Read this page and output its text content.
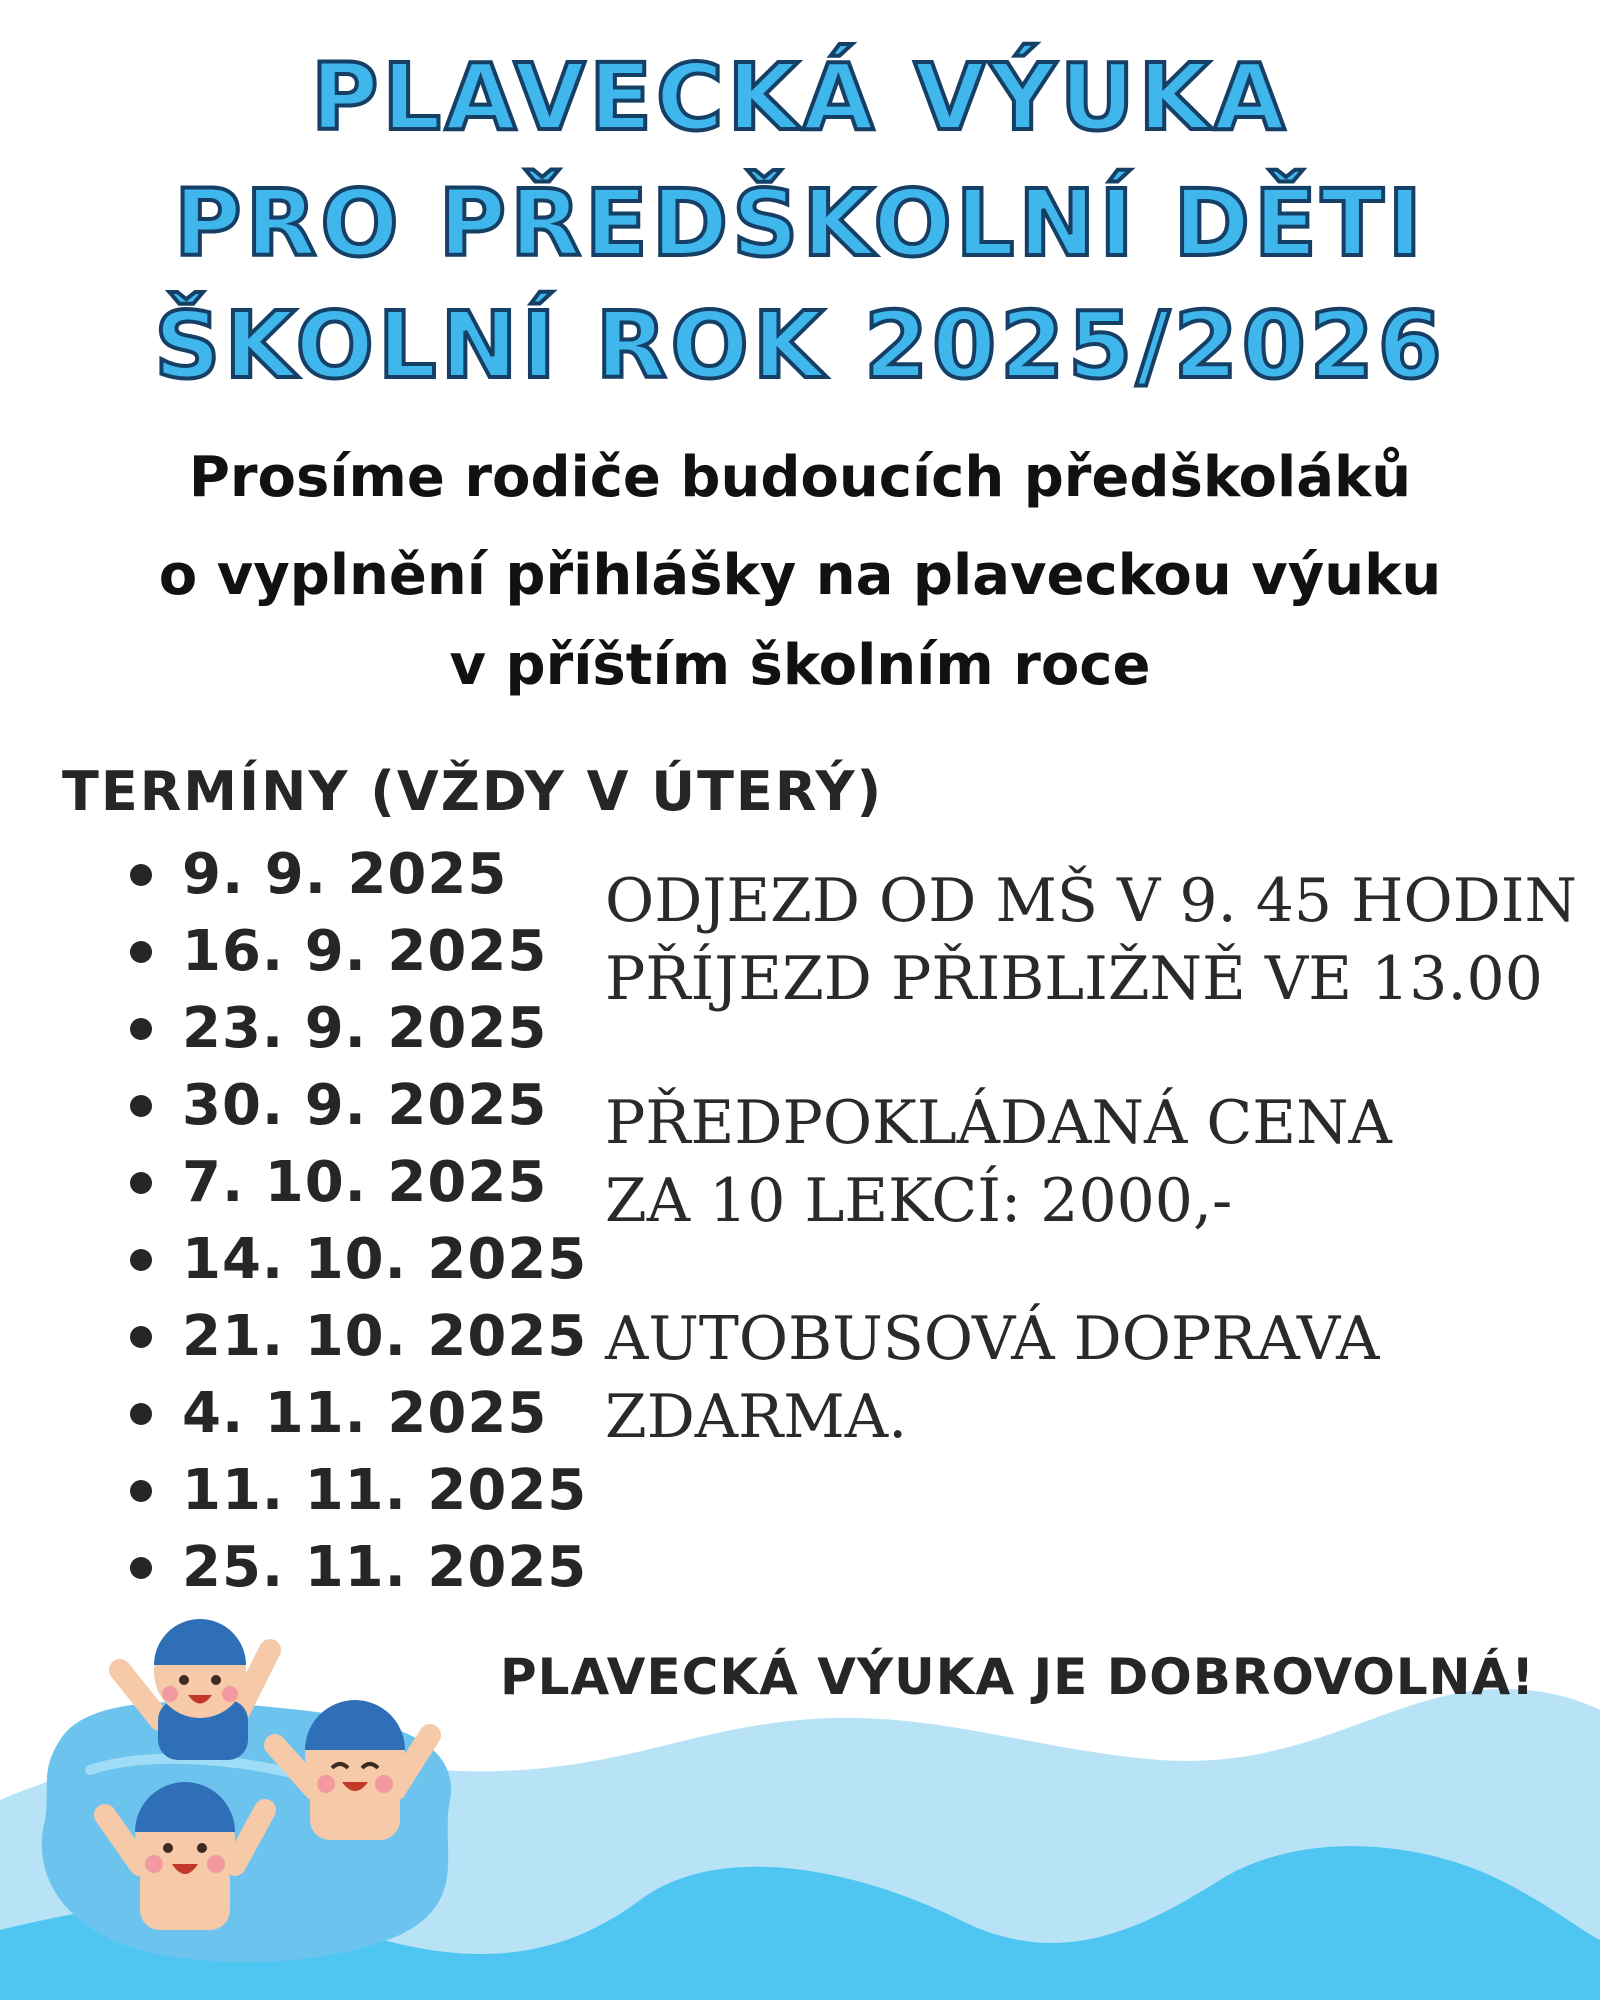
PLAVECKÁ VÝUKA
PRO PŘEDŠKOLNÍ DĚTI
ŠKOLNÍ ROK 2025/2026
Prosíme rodiče budoucích předškoláků
o vyplnění přihlášky na plaveckou výuku
v příštím školním roce
TERMÍNY (VŽDY V ÚTERÝ)
9. 9. 2025
16. 9. 2025
23. 9. 2025
30. 9. 2025
7. 10. 2025
14. 10. 2025
21. 10. 2025
4. 11. 2025
11. 11. 2025
25. 11. 2025
ODJEZD OD MŠ V 9. 45 HODIN
PŘÍJEZD PŘIBLIŽNĚ VE 13.00
PŘEDPOKLÁDANÁ CENA
ZA 10 LEKCÍ: 2000,-
AUTOBUSOVÁ DOPRAVA
ZDARMA.
PLAVECKÁ VÝUKA JE DOBROVOLNÁ!
